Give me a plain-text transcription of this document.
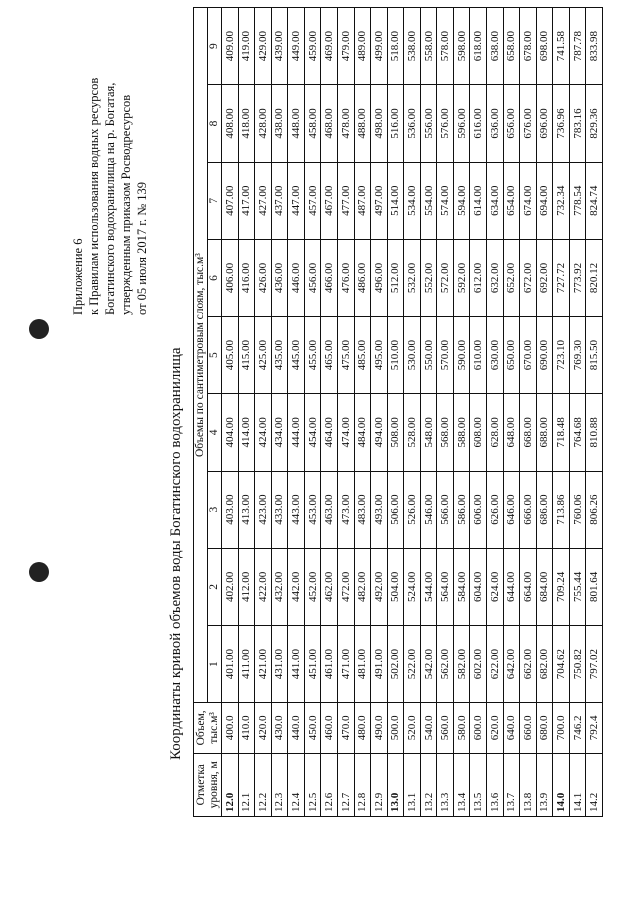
Приложение 6 к Правилам использования водных ресурсов Богатинского водохранилища на р. Богатая, утвержденным приказом Росводресурсов от 05 июля 2017 г. № 139
Координаты кривой объемов воды Богатинского водохранилища
Отметка уровня, м	Объем, тыс.м³	Объемы по сантиметровым слоям, тыс.м³								
		1	2	3	4	5	6	7	8	9
12.0	400.0	401.00	402.00	403.00	404.00	405.00	406.00	407.00	408.00	409.00
12.1	410.0	411.00	412.00	413.00	414.00	415.00	416.00	417.00	418.00	419.00
12.2	420.0	421.00	422.00	423.00	424.00	425.00	426.00	427.00	428.00	429.00
12.3	430.0	431.00	432.00	433.00	434.00	435.00	436.00	437.00	438.00	439.00
12.4	440.0	441.00	442.00	443.00	444.00	445.00	446.00	447.00	448.00	449.00
12.5	450.0	451.00	452.00	453.00	454.00	455.00	456.00	457.00	458.00	459.00
12.6	460.0	461.00	462.00	463.00	464.00	465.00	466.00	467.00	468.00	469.00
12.7	470.0	471.00	472.00	473.00	474.00	475.00	476.00	477.00	478.00	479.00
12.8	480.0	481.00	482.00	483.00	484.00	485.00	486.00	487.00	488.00	489.00
12.9	490.0	491.00	492.00	493.00	494.00	495.00	496.00	497.00	498.00	499.00
13.0	500.0	502.00	504.00	506.00	508.00	510.00	512.00	514.00	516.00	518.00
13.1	520.0	522.00	524.00	526.00	528.00	530.00	532.00	534.00	536.00	538.00
13.2	540.0	542.00	544.00	546.00	548.00	550.00	552.00	554.00	556.00	558.00
13.3	560.0	562.00	564.00	566.00	568.00	570.00	572.00	574.00	576.00	578.00
13.4	580.0	582.00	584.00	586.00	588.00	590.00	592.00	594.00	596.00	598.00
13.5	600.0	602.00	604.00	606.00	608.00	610.00	612.00	614.00	616.00	618.00
13.6	620.0	622.00	624.00	626.00	628.00	630.00	632.00	634.00	636.00	638.00
13.7	640.0	642.00	644.00	646.00	648.00	650.00	652.00	654.00	656.00	658.00
13.8	660.0	662.00	664.00	666.00	668.00	670.00	672.00	674.00	676.00	678.00
13.9	680.0	682.00	684.00	686.00	688.00	690.00	692.00	694.00	696.00	698.00
14.0	700.0	704.62	709.24	713.86	718.48	723.10	727.72	732.34	736.96	741.58
14.1	746.2	750.82	755.44	760.06	764.68	769.30	773.92	778.54	783.16	787.78
14.2	792.4	797.02	801.64	806.26	810.88	815.50	820.12	824.74	829.36	833.98
